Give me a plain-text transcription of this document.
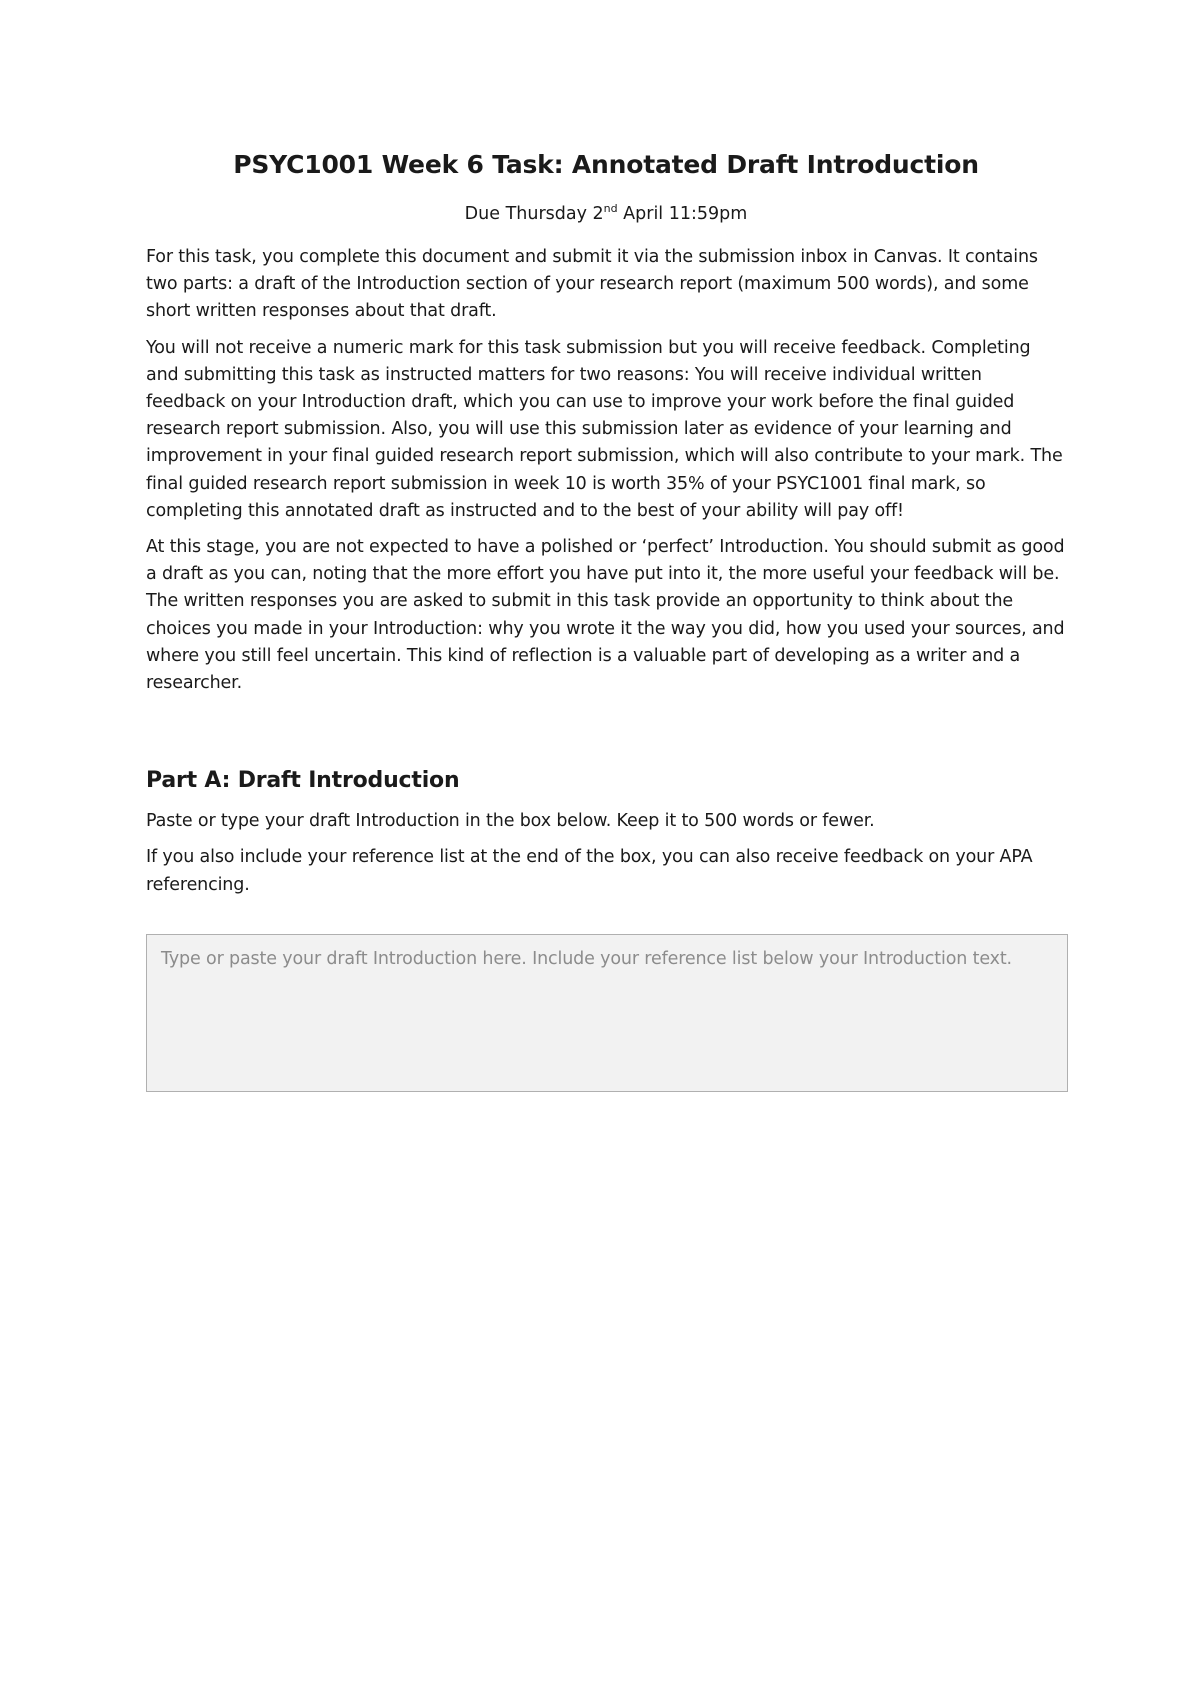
PSYC1001 Week 6 Task: Annotated Draft Introduction
Due Thursday 2nd April 11:59pm

For this task, you complete this document and submit it via the submission inbox in Canvas. It contains two parts: a draft of the Introduction section of your research report (maximum 500 words), and some short written responses about that draft.

You will not receive a numeric mark for this task submission but you will receive feedback. Completing and submitting this task as instructed matters for two reasons: You will receive individual written feedback on your Introduction draft, which you can use to improve your work before the final guided research report submission. Also, you will use this submission later as evidence of your learning and improvement in your final guided research report submission, which will also contribute to your mark. The final guided research report submission in week 10 is worth 35% of your PSYC1001 final mark, so completing this annotated draft as instructed and to the best of your ability will pay off!

At this stage, you are not expected to have a polished or ‘perfect’ Introduction. You should submit as good a draft as you can, noting that the more effort you have put into it, the more useful your feedback will be. The written responses you are asked to submit in this task provide an opportunity to think about the choices you made in your Introduction: why you wrote it the way you did, how you used your sources, and where you still feel uncertain. This kind of reflection is a valuable part of developing as a writer and a researcher.

Part A: Draft Introduction

Paste or type your draft Introduction in the box below. Keep it to 500 words or fewer.

If you also include your reference list at the end of the box, you can also receive feedback on your APA referencing.

Type or paste your draft Introduction here. Include your reference list below your Introduction text.
